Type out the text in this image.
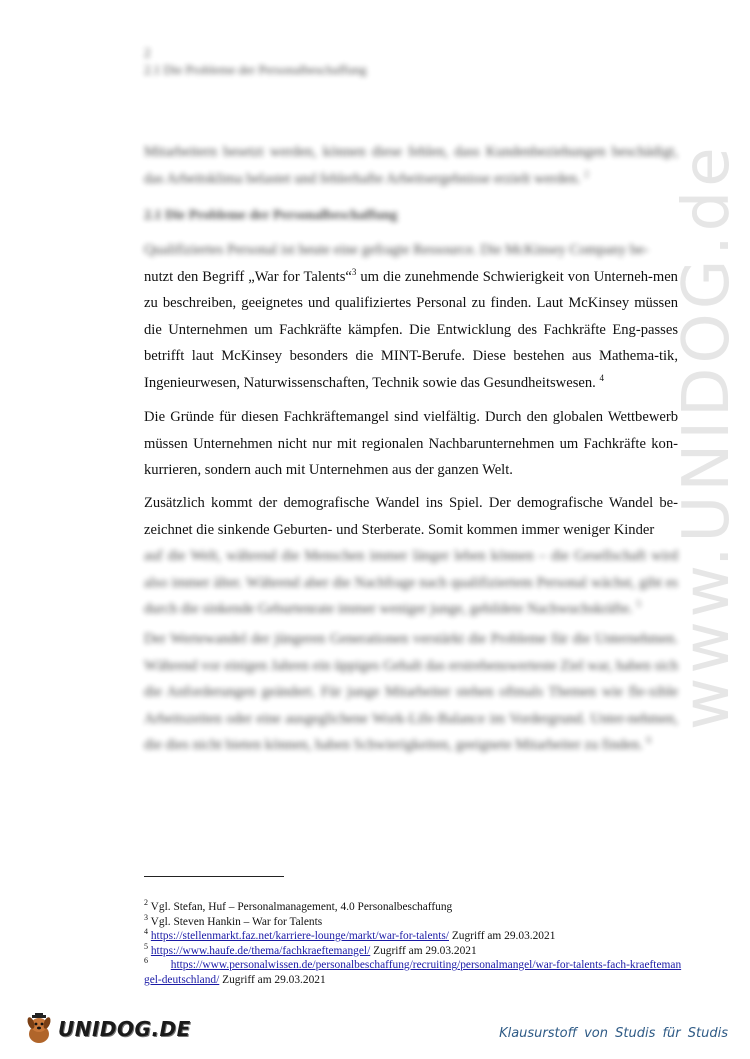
2
2.1 Die Probleme der Personalbeschaffung
www.UNIDOG.de

Mitarbeitern besetzt werden, können diese fehlen, dass Kundenbeziehungen beschädigt, das Arbeitsklima belastet und fehlerhafte Arbeitsergebnisse erzielt werden. $^2$

2.1 Die Probleme der Personalbeschaffung

Qualifiziertes Personal ist heute eine gefragte Ressource. Die McKinsey Company be-
nutzt den Begriff „War for Talents“$^3$ um die zunehmende Schwierigkeit von Unterneh-men zu beschreiben, geeignetes und qualifiziertes Personal zu finden. Laut McKinsey müssen die Unternehmen um Fachkräfte kämpfen. Die Entwicklung des Fachkräfte Eng-passes betrifft laut McKinsey besonders die MINT-Berufe. Diese bestehen aus Mathema-tik, Ingenieurwesen, Naturwissenschaften, Technik sowie das Gesundheitswesen. $^4$

Die Gründe für diesen Fachkräftemangel sind vielfältig. Durch den globalen Wettbewerb müssen Unternehmen nicht nur mit regionalen Nachbarunternehmen um Fachkräfte kon-kurrieren, sondern auch mit Unternehmen aus der ganzen Welt.

Zusätzlich kommt der demografische Wandel ins Spiel. Der demografische Wandel be-zeichnet die sinkende Geburten- und Sterberate. Somit kommen immer weniger Kinder

auf die Welt, während die Menschen immer länger leben können – die Gesellschaft wird also immer älter. Während aber die Nachfrage nach qualifiziertem Personal wächst, gibt es durch die sinkende Geburtenrate immer weniger junge, gebildete Nachwuchskräfte. $^5$

Der Wertewandel der jüngeren Generationen verstärkt die Probleme für die Unternehmen. Während vor einigen Jahren ein üppiges Gehalt das erstrebenswerteste Ziel war, haben sich die Anforderungen geändert. Für junge Mitarbeiter stehen oftmals Themen wie fle-xible Arbeitszeiten oder eine ausgeglichene Work-Life-Balance im Vordergrund. Unter-nehmen, die dies nicht bieten können, haben Schwierigkeiten, geeignete Mitarbeiter zu finden. $^6$

$^2$ Vgl. Stefan, Huf – Personalmanagement, 4.0 Personalbeschaffung
$^3$ Vgl. Steven Hankin – War for Talents
$^4$ https://stellenmarkt.faz.net/karriere-lounge/markt/war-for-talents/ Zugriff am 29.03.2021
$^5$ https://www.haufe.de/thema/fachkraeftemangel/ Zugriff am 29.03.2021
$^6$ https://www.personalwissen.de/personalbeschaffung/recruiting/personalmangel/war-for-talents-fach-kraeftemangel-deutschland/ Zugriff am 29.03.2021
UNIDOG.DE	Klausurstoff von Studis für Studis
